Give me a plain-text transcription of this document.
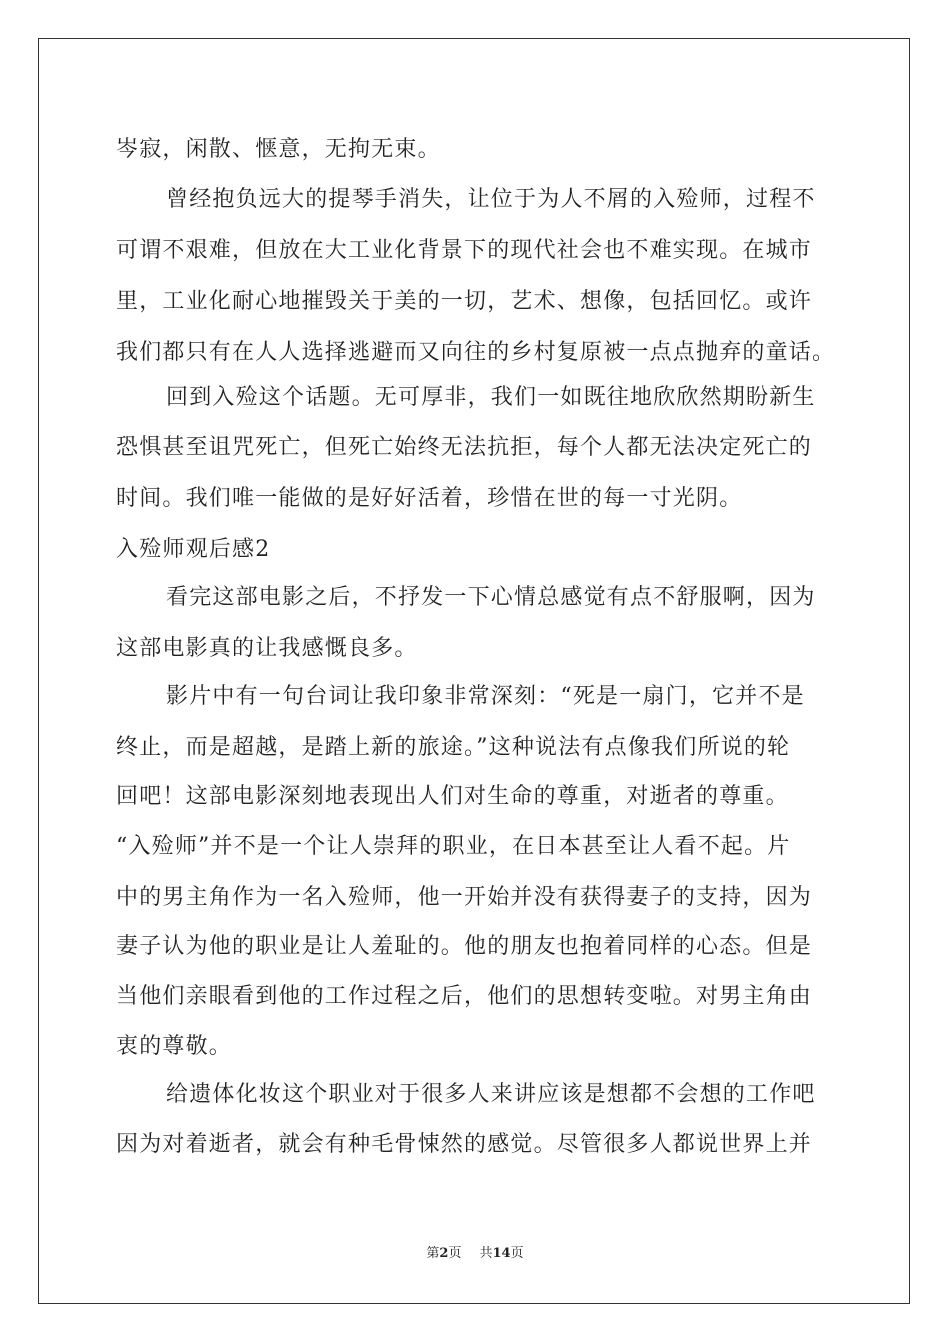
岑寂，闲散、惬意，无拘无束。

曾经抱负远大的提琴手消失，让位于为人不屑的入殓师，过程不

可谓不艰难，但放在大工业化背景下的现代社会也不难实现。在城市

里，工业化耐心地摧毁关于美的一切，艺术、想像，包括回忆。或许

我们都只有在人人选择逃避而又向往的乡村复原被一点点抛弃的童话。

回到入殓这个话题。无可厚非，我们一如既往地欣欣然期盼新生

恐惧甚至诅咒死亡，但死亡始终无法抗拒，每个人都无法决定死亡的

时间。我们唯一能做的是好好活着，珍惜在世的每一寸光阴。

入殓师观后感2

看完这部电影之后，不抒发一下心情总感觉有点不舒服啊，因为

这部电影真的让我感慨良多。

影片中有一句台词让我印象非常深刻：“死是一扇门，它并不是

终止，而是超越，是踏上新的旅途。”这种说法有点像我们所说的轮

回吧！这部电影深刻地表现出人们对生命的尊重，对逝者的尊重。

“入殓师”并不是一个让人崇拜的职业，在日本甚至让人看不起。片

中的男主角作为一名入殓师，他一开始并没有获得妻子的支持，因为

妻子认为他的职业是让人羞耻的。他的朋友也抱着同样的心态。但是

当他们亲眼看到他的工作过程之后，他们的思想转变啦。对男主角由

衷的尊敬。

给遗体化妆这个职业对于很多人来讲应该是想都不会想的工作吧

因为对着逝者，就会有种毛骨悚然的感觉。尽管很多人都说世界上并

第2页 共14页
